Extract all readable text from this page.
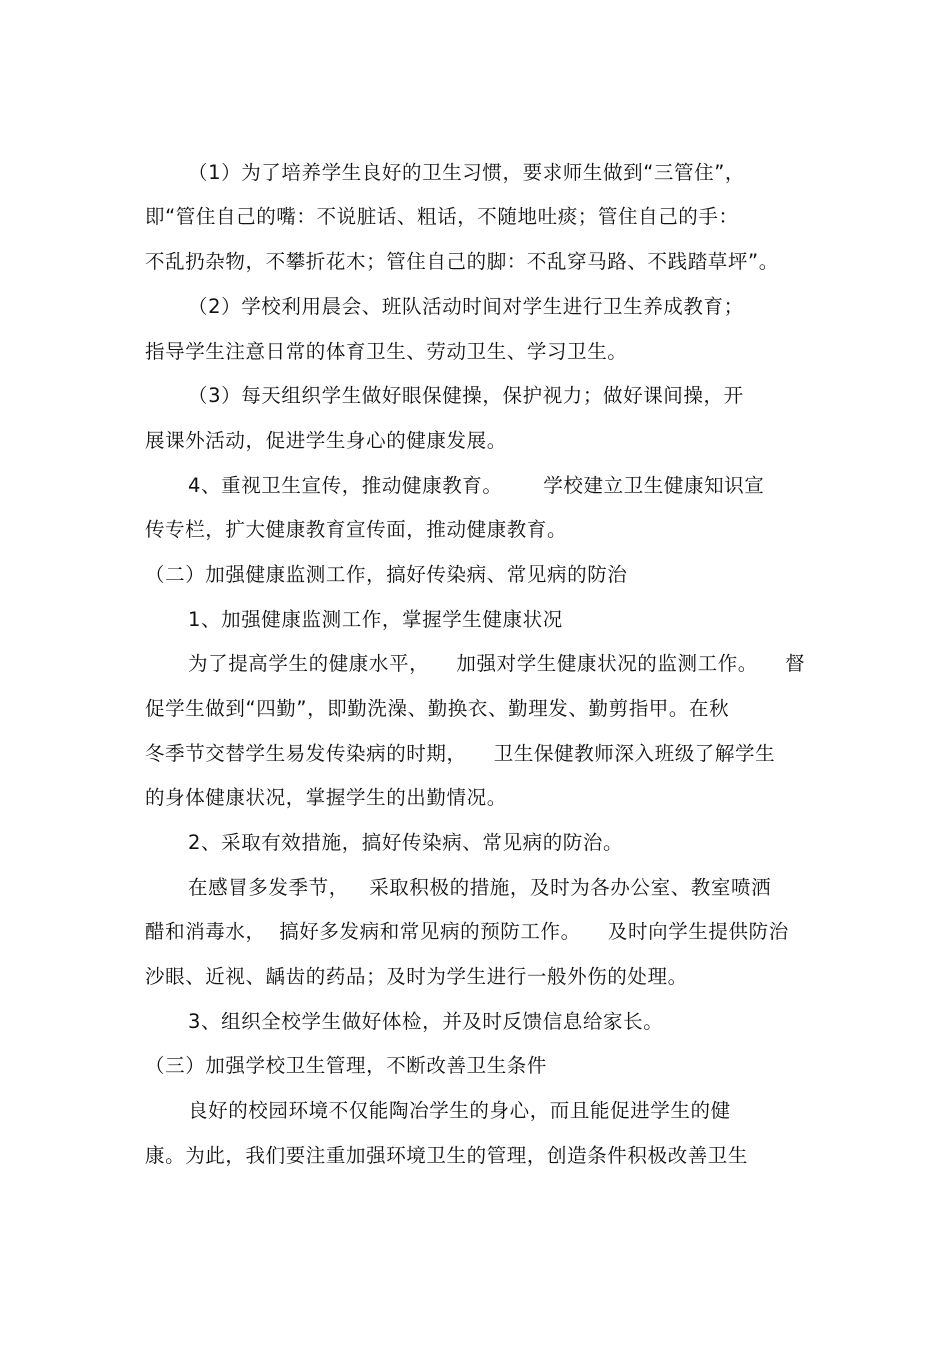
（1）为了培养学生良好的卫生习惯，要求师生做到“三管住”，
即“管住自己的嘴：不说脏话、粗话，不随地吐痰；管住自己的手：
不乱扔杂物，不攀折花木；管住自己的脚：不乱穿马路、不践踏草坪”。
（2）学校利用晨会、班队活动时间对学生进行卫生养成教育；
指导学生注意日常的体育卫生、劳动卫生、学习卫生。
（3）每天组织学生做好眼保健操，保护视力；做好课间操，开
展课外活动，促进学生身心的健康发展。
4、重视卫生宣传，推动健康教育。      学校建立卫生健康知识宣
传专栏，扩大健康教育宣传面，推动健康教育。
（二）加强健康监测工作，搞好传染病、常见病的防治
1、加强健康监测工作，掌握学生健康状况
为了提高学生的健康水平，    加强对学生健康状况的监测工作。    督
促学生做到“四勤”，即勤洗澡、勤换衣、勤理发、勤剪指甲。在秋
冬季节交替学生易发传染病的时期，    卫生保健教师深入班级了解学生
的身体健康状况，掌握学生的出勤情况。
2、采取有效措施，搞好传染病、常见病的防治。
在感冒多发季节，   采取积极的措施，及时为各办公室、教室喷洒
醋和消毒水，  搞好多发病和常见病的预防工作。    及时向学生提供防治
沙眼、近视、龋齿的药品；及时为学生进行一般外伤的处理。
3、组织全校学生做好体检，并及时反馈信息给家长。
（三）加强学校卫生管理，不断改善卫生条件
良好的校园环境不仅能陶冶学生的身心，而且能促进学生的健
康。为此，我们要注重加强环境卫生的管理，创造条件积极改善卫生
